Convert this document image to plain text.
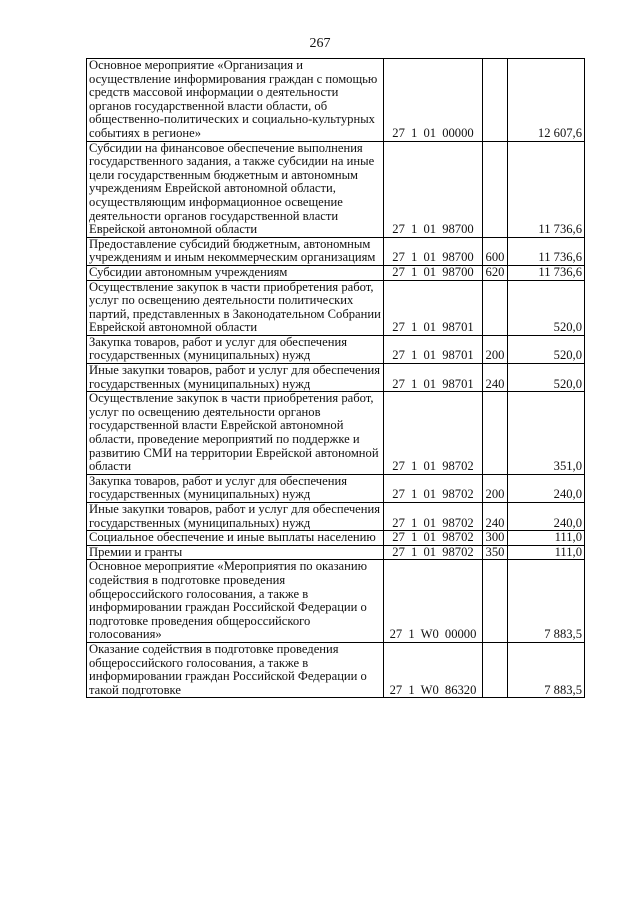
267
Основное мероприятие «Организация и осуществление информирования граждан с помощью средств массовой информации о деятельности органов государственной власти области, об общественно-политических и социально-культурных событиях в регионе»	27 1 01 00000		12 607,6
Субсидии на финансовое обеспечение выполнения государственного задания, а также субсидии на иные цели государственным бюджетным и автономным учреждениям Еврейской автономной области, осуществляющим информационное освещение деятельности органов государственной власти Еврейской автономной области	27 1 01 98700		11 736,6
Предоставление субсидий бюджетным, автономным учреждениям и иным некоммерческим организациям	27 1 01 98700	600	11 736,6
Субсидии автономным учреждениям	27 1 01 98700	620	11 736,6
Осуществление закупок в части приобретения работ, услуг по освещению деятельности политических партий, представленных в Законодательном Собрании Еврейской автономной области	27 1 01 98701		520,0
Закупка товаров, работ и услуг для обеспечения государственных (муниципальных) нужд	27 1 01 98701	200	520,0
Иные закупки товаров, работ и услуг для обеспечения государственных (муниципальных) нужд	27 1 01 98701	240	520,0
Осуществление закупок в части приобретения работ, услуг по освещению деятельности органов государственной власти Еврейской автономной области, проведение мероприятий по поддержке и развитию СМИ на территории Еврейской автономной области	27 1 01 98702		351,0
Закупка товаров, работ и услуг для обеспечения государственных (муниципальных) нужд	27 1 01 98702	200	240,0
Иные закупки товаров, работ и услуг для обеспечения государственных (муниципальных) нужд	27 1 01 98702	240	240,0
Социальное обеспечение и иные выплаты населению	27 1 01 98702	300	111,0
Премии и гранты	27 1 01 98702	350	111,0
Основное мероприятие «Мероприятия по оказанию содействия в подготовке проведения общероссийского голосования, а также в информировании граждан Российской Федерации о подготовке проведения общероссийского голосования»	27 1 W0 00000		7 883,5
Оказание содействия в подготовке проведения общероссийского голосования, а также в информировании граждан Российской Федерации о такой подготовке	27 1 W0 86320		7 883,5
